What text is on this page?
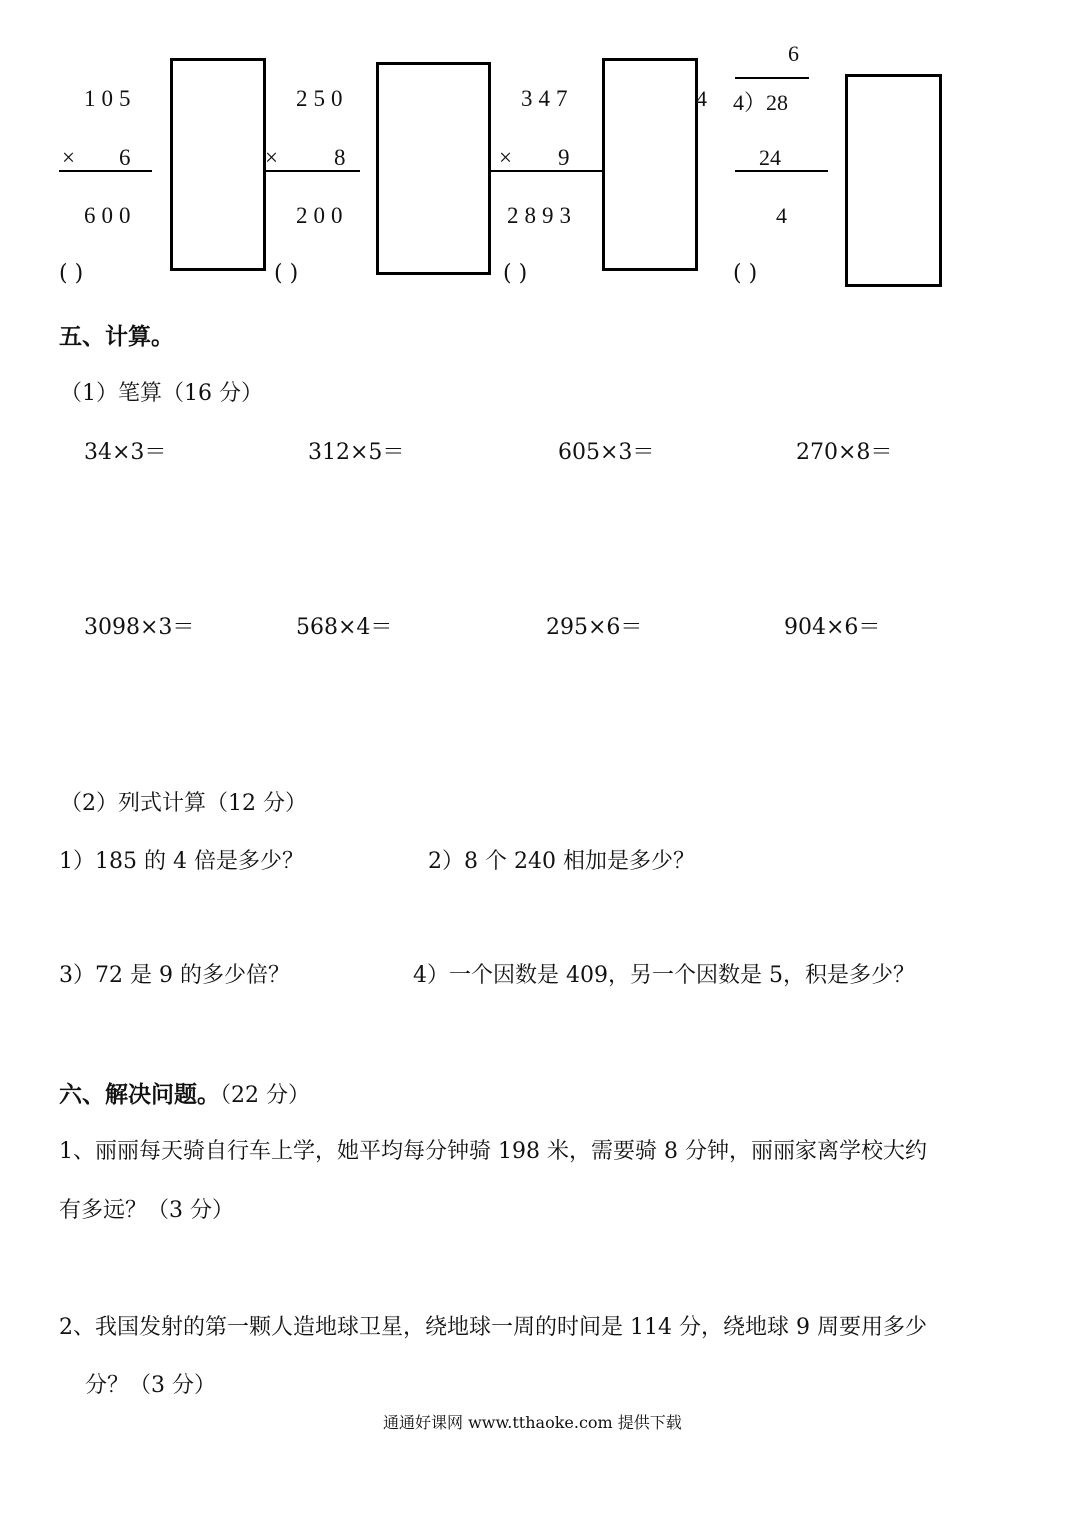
105
× 6
600
( )
250
× 8
200
( )
347
× 9
2893
( )
4
6
4）28
24
4
( )
五、计算。
（1）笔算（16 分）
34×3＝	312×5＝	605×3＝	270×8＝
3098×3＝	568×4＝	295×6＝	904×6＝
（2）列式计算（12 分）
1）185 的 4 倍是多少？	2）8 个 240 相加是多少？
3）72 是 9 的多少倍？	4）一个因数是 409，另一个因数是 5，积是多少？
六、解决问题。（22 分）
1、丽丽每天骑自行车上学，她平均每分钟骑 198 米，需要骑 8 分钟，丽丽家离学校大约
有多远？（3 分）
2、我国发射的第一颗人造地球卫星，绕地球一周的时间是 114 分，绕地球 9 周要用多少
分？（3 分）
通通好课网 www.tthaoke.com 提供下载
